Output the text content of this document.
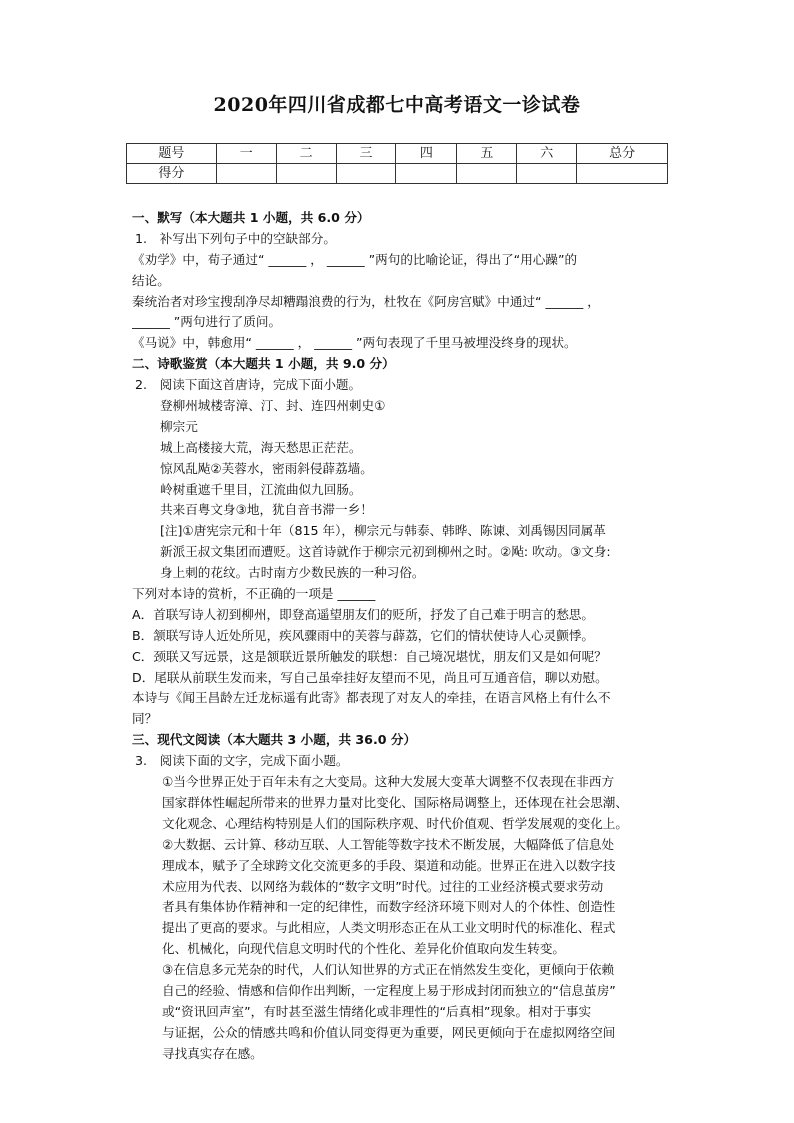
2020年四川省成都七中高考语文一诊试卷
题号	一	二	三	四	五	六	总分
得分							
一、默写（本大题共 1 小题，共 6.0 分）
1.　补写出下列句子中的空缺部分。
《劝学》中，荀子通过“ ______ ， ______ ”两句的比喻论证，得出了“用心躁”的
结论。
秦统治者对珍宝搜刮净尽却糟蹋浪费的行为，杜牧在《阿房宫赋》中通过“ ______ ，
______ ”两句进行了质问。
《马说》中，韩愈用“ ______ ， ______ ”两句表现了千里马被埋没终身的现状。
二、诗歌鉴赏（本大题共 1 小题，共 9.0 分）
2.　阅读下面这首唐诗，完成下面小题。
登柳州城楼寄漳、汀、封、连四州刺史①
柳宗元
城上高楼接大荒，海天愁思正茫茫。
惊风乱飐②芙蓉水，密雨斜侵薜荔墙。
岭树重遮千里目，江流曲似九回肠。
共来百粤文身③地，犹自音书滞一乡！
[注]①唐宪宗元和十年（815 年），柳宗元与韩泰、韩晔、陈谏、刘禹锡因同属革
新派王叔文集团而遭贬。这首诗就作于柳宗元初到柳州之时。②飐: 吹动。③文身:
身上刺的花纹。古时南方少数民族的一种习俗。
下列对本诗的赏析，不正确的一项是 ______
A．首联写诗人初到柳州，即登高遥望朋友们的贬所，抒发了自己难于明言的愁思。
B．颔联写诗人近处所见，疾风骤雨中的芙蓉与薜荔，它们的情状使诗人心灵颤悸。
C．颈联又写远景，这是颔联近景所触发的联想：自己境况堪忧，朋友们又是如何呢？
D．尾联从前联生发而来，写自己虽牵挂好友望而不见，尚且可互通音信，聊以劝慰。
本诗与《闻王昌龄左迁龙标遥有此寄》都表现了对友人的牵挂，在语言风格上有什么不
同？
三、现代文阅读（本大题共 3 小题，共 36.0 分）
3.　阅读下面的文字，完成下面小题。
①当今世界正处于百年未有之大变局。这种大发展大变革大调整不仅表现在非西方
国家群体性崛起所带来的世界力量对比变化、国际格局调整上，还体现在社会思潮、
文化观念、心理结构特别是人们的国际秩序观、时代价值观、哲学发展观的变化上。
②大数据、云计算、移动互联、人工智能等数字技术不断发展，大幅降低了信息处
理成本，赋予了全球跨文化交流更多的手段、渠道和动能。世界正在进入以数字技
术应用为代表、以网络为载体的“数字文明”时代。过往的工业经济模式要求劳动
者具有集体协作精神和一定的纪律性，而数字经济环境下则对人的个体性、创造性
提出了更高的要求。与此相应，人类文明形态正在从工业文明时代的标准化、程式
化、机械化，向现代信息文明时代的个性化、差异化价值取向发生转变。
③在信息多元芜杂的时代，人们认知世界的方式正在悄然发生变化，更倾向于依赖
自己的经验、情感和信仰作出判断，一定程度上易于形成封闭而独立的“信息茧房”
或“资讯回声室”，有时甚至滋生情绪化或非理性的“后真相”现象。相对于事实
与证据，公众的情感共鸣和价值认同变得更为重要，网民更倾向于在虚拟网络空间
寻找真实存在感。
